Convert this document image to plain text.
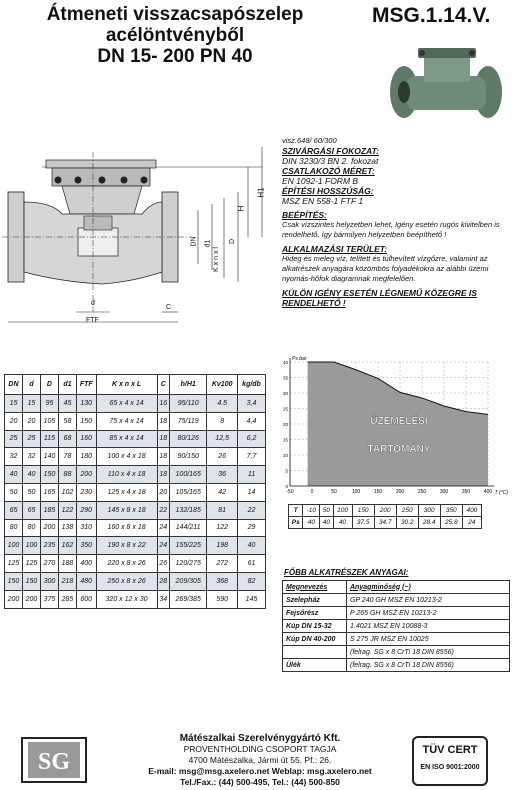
Átmeneti visszacsapószelep
acélöntvényből
DN 15- 200 PN 40
MSG.1.14.V.
H1
H
DN d1
K x n x l
D
d
C
FTF
visz.648/ 60/300
SZIVÁRGÁSI FOKOZAT:
DIN 3230/3 BN 2. fokozat
CSATLAKOZÓ MÉRET:
EN 1092-1 FORM B
ÉPÍTÉSI HOSSZÚSÁG:
MSZ EN 558-1 FTF 1
BEÉPÍTÉS:
Csak vízszintes helyzetben lehet, Igény esetén rugós kivitelben is rendelhető, így bármilyen helyzetben beépíthető !
ALKALMAZÁSI TERÜLET:
Hideg és meleg víz, telített és túlhevített vízgőzre, valamint az alkatrészek anyagára közömbös folyadékokra az alábbi üzemi nyomás-hőfok diagramnak megfelelően.
KÜLÖN IGÉNY ESETÉN LÉGNEMŰ KÖZEGRE IS RENDELHETŐ !
DN	d	D	d1	FTF	K x n x L	C	h/H1	Kv100	kg/db
15	15	95	45	130	65 x 4 x 14	16	95/110	4.5	3,4
20	20	105	58	150	75 x 4 x 14	18	75/119	8	4,4
25	25	115	68	160	85 x 4 x 14	18	80/126	12,5	6,2
32	32	140	78	180	100 x 4 x 18	18	90/150	26	7,7
40	40	150	88	200	110 x 4 x 18	18	100/165	36	11
50	50	165	102	230	125 x 4 x 18	20	105/165	42	14
65	65	185	122	290	145 x 8 x 18	22	132/185	81	22
80	80	200	138	310	160 x 8 x 18	24	144/211	122	29
100	100	235	162	350	190 x 8 x 22	24	155/225	198	40
125	125	270	188	400	220 x 8 x 26	26	120/275	272	61
150	150	300	218	480	250 x 8 x 26	28	209/305	368	82
200	200	375	285	600	320 x 12 x 30	34	269/385	590	145
-50	0	50	100	150	200	250	300	350	400
0
5
10
15
20
25
30
35
40
Ps bar
T (°C)
ÜZEMELÉSI
TARTOMÁNY
T	-10	50	100	150	200	250	300	350	400
Ps	40	40	40	37.5	34.7	30.2	28.4	25.8	24
FŐBB ALKATRÉSZEK ANYAGAI:
Megnevezés	Anyagminőség (~)
Szelepház	GP 240 GH MSZ EN 10213-2
Fejsőrész	P 265 GH MSZ EN 10213-2
Kúp DN 15-32	1.4021 MSZ EN 10088-3
Kúp DN 40-200	S 275 JR MSZ EN 10025
	(felrag. SG x 8 CrTi 18 DIN 8556)
Ülék	(felrag. SG x 8 CrTi 18 DIN 8556)
SG
Mátészalkai Szerelvénygyártó Kft.
PROVENTHOLDING CSOPORT TAGJA
4700 Mátészalka, Jármi út 55. Pf.: 26.
E-mail: msg@msg.axelero.net Weblap: msg.axelero.net
Tel./Fax.: (44) 500-495, Tel.: (44) 500-850
TÜV CERT
EN ISO 9001:2000
